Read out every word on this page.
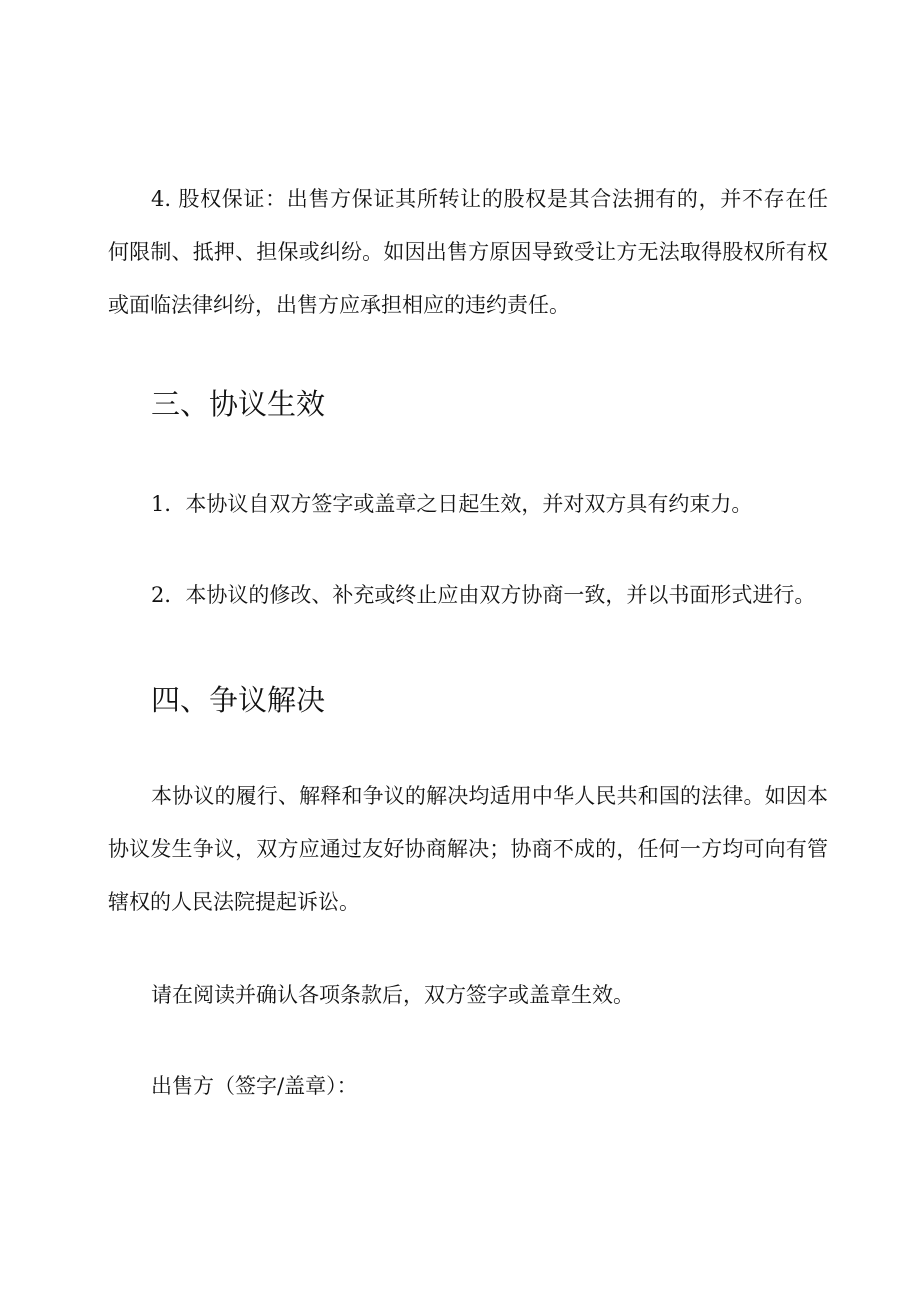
4. 股权保证：出售方保证其所转让的股权是其合法拥有的，并不存在任何限制、抵押、担保或纠纷。如因出售方原因导致受让方无法取得股权所有权或面临法律纠纷，出售方应承担相应的违约责任。

三、协议生效

1．本协议自双方签字或盖章之日起生效，并对双方具有约束力。

2．本协议的修改、补充或终止应由双方协商一致，并以书面形式进行。

四、争议解决

本协议的履行、解释和争议的解决均适用中华人民共和国的法律。如因本协议发生争议，双方应通过友好协商解决；协商不成的，任何一方均可向有管辖权的人民法院提起诉讼。

请在阅读并确认各项条款后，双方签字或盖章生效。

出售方（签字/盖章）：
